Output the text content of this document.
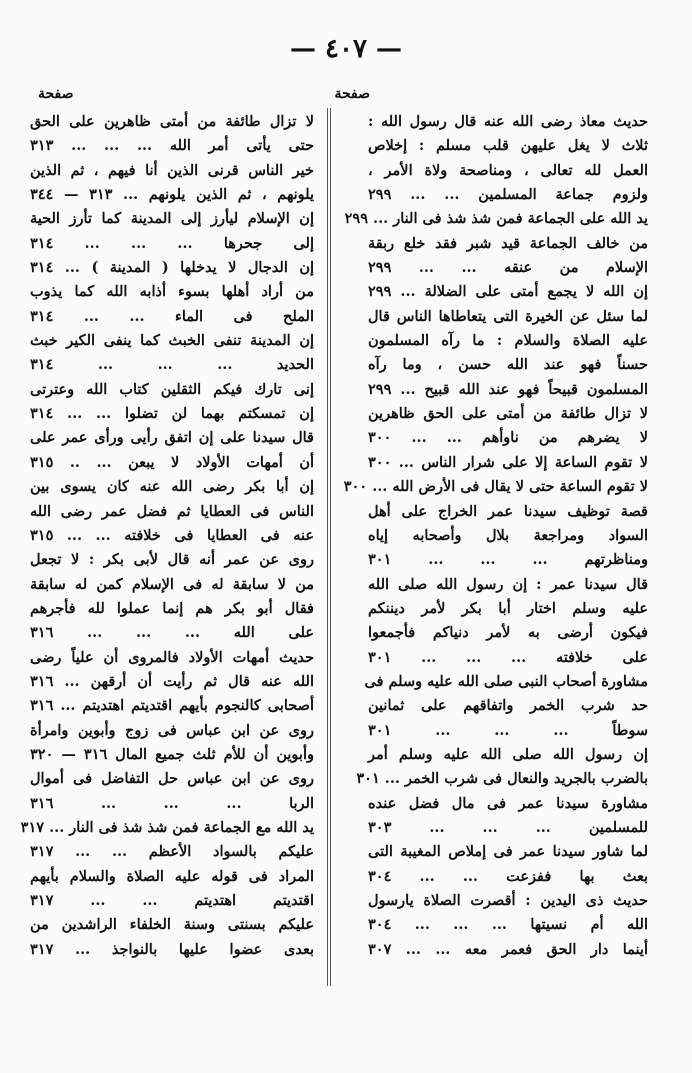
— ٤٠٧ —
صفحة
صفحة
حديث معاذ رضى الله عنه قال رسول الله :
ثلاث لا يغل عليهن قلب مسلم : إخلاص
العمل لله تعالى ، ومناصحة ولاة الأمر ،
ولزوم جماعة المسلمين ... ... ٢٩٩
يد الله على الجماعة فمن شذ شذ فى النار ... ٢٩٩
من خالف الجماعة قيد شبر فقد خلع ربقة
الإسلام من عنقه ... ... ٢٩٩
إن الله لا يجمع أمتى على الضلالة ... ٢٩٩
لما سئل عن الخيرة التى يتعاطاها الناس قال
عليه الصلاة والسلام : ما رآه المسلمون
حسناً فهو عند الله حسن ، وما رآه
المسلمون قبيحاً فهو عند الله قبيح ... ٢٩٩
لا تزال طائفة من أمتى على الحق ظاهرين
لا يضرهم من ناوأهم ... ... ٣٠٠
لا تقوم الساعة إلا على شرار الناس ... ٣٠٠
لا تقوم الساعة حتى لا يقال فى الأرض الله ... ٣٠٠
قصة توظيف سيدنا عمر الخراج على أهل
السواد ومراجعة بلال وأصحابه إياه
ومناظرتهم ... ... ... ٣٠١
قال سيدنا عمر : إن رسول الله صلى الله
عليه وسلم اختار أبا بكر لأمر ديننكم
فيكون أرضى به لأمر دنياكم فأجمعوا
على خلافته ... ... ... ٣٠١
مشاورة أصحاب النبى صلى الله عليه وسلم فى
حد شرب الخمر واتفاقهم على ثمانين
سوطاً ... ... ... ٣٠١
إن رسول الله صلى الله عليه وسلم أمر
بالضرب بالجريد والنعال فى شرب الخمر ... ٣٠١
مشاورة سيدنا عمر فى مال فضل عنده
للمسلمين ... ... ... ٣٠٣
لما شاور سيدنا عمر فى إملاص المغيبة التى
بعث بها ففزعت ... ... ٣٠٤
حديث ذى اليدين : أقصرت الصلاة يارسول
الله أم نسيتها ... ... ... ٣٠٤
أينما دار الحق فعمر معه ... ... ٣٠٧
لا تزال طائفة من أمتى ظاهرين على الحق
حتى يأتى أمر الله ... ... ... ٣١٣
خير الناس قرنى الذين أنا فيهم ، ثم الذين
يلونهم ، ثم الذين يلونهم ... ٣١٣ — ٣٤٤
إن الإسلام ليأرز إلى المدينة كما تأرز الحية
إلى جحرها ... ... ... ٣١٤
إن الدجال لا يدخلها ( المدينة ) ... ٣١٤
من أراد أهلها بسوء أذابه الله كما يذوب
الملح فى الماء ... ... ٣١٤
إن المدينة تنفى الخبث كما ينفى الكير خبث
الحديد ... ... ... ٣١٤
إنى تارك فيكم الثقلين كتاب الله وعترتى
إن تمسكتم بهما لن تضلوا ... ... ٣١٤
قال سيدنا على إن اتفق رأيى ورأى عمر على
أن أمهات الأولاد لا يبعن ... .. ٣١٥
إن أبا بكر رضى الله عنه كان يسوى بين
الناس فى العطايا ثم فضل عمر رضى الله
عنه فى العطايا فى خلافته ... ... ٣١٥
روى عن عمر أنه قال لأبى بكر : لا تجعل
من لا سابقة له فى الإسلام كمن له سابقة
فقال أبو بكر هم إنما عملوا لله فأجرهم
على الله ... ... ... ٣١٦
حديث أمهات الأولاد فالمروى أن علياً رضى
الله عنه قال ثم رأيت أن أرقهن ... ٣١٦
أصحابى كالنجوم بأيهم اقتديتم اهتديتم ... ٣١٦
روى عن ابن عباس فى زوج وأبوين وامرأة
وأبوين أن للأم ثلث جميع المال ٣١٦ — ٣٢٠
روى عن ابن عباس حل التفاضل فى أموال
الربا ... ... ... ٣١٦
يد الله مع الجماعة فمن شذ شذ فى النار ... ٣١٧
عليكم بالسواد الأعظم ... ... ٣١٧
المراد فى قوله عليه الصلاة والسلام بأيهم
اقتديتم اهتديتم ... ... ٣١٧
عليكم بسنتى وسنة الخلفاء الراشدين من
بعدى عضوا عليها بالنواجذ ... ٣١٧
